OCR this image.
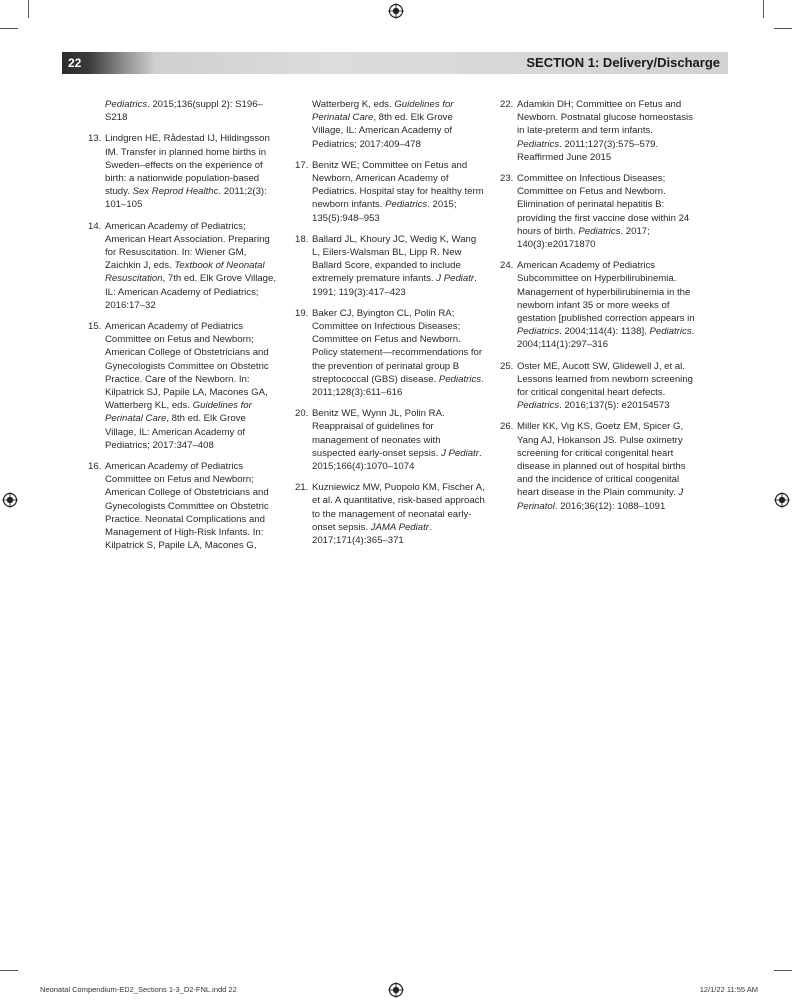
22	SECTION 1: Delivery/Discharge
Pediatrics. 2015;136(suppl 2): S196–S218
13. Lindgren HE, Rådestad IJ, Hildingsson IM. Transfer in planned home births in Sweden–effects on the experience of birth: a nationwide population-based study. Sex Reprod Healthc. 2011;2(3): 101–105
14. American Academy of Pediatrics; American Heart Association. Preparing for Resuscitation. In: Wiener GM, Zaichkin J, eds. Textbook of Neonatal Resuscitation, 7th ed. Elk Grove Village, IL: American Academy of Pediatrics; 2016:17–32
15. American Academy of Pediatrics Committee on Fetus and Newborn; American College of Obstetricians and Gynecologists Committee on Obstetric Practice. Care of the Newborn. In: Kilpatrick SJ, Papile LA, Macones GA, Watterberg KL, eds. Guidelines for Perinatal Care, 8th ed. Elk Grove Village, IL: American Academy of Pediatrics; 2017:347–408
16. American Academy of Pediatrics Committee on Fetus and Newborn; American College of Obstetricians and Gynecologists Committee on Obstetric Practice. Neonatal Complications and Management of High-Risk Infants. In: Kilpatrick S, Papile LA, Macones G,
Watterberg K, eds. Guidelines for Perinatal Care, 8th ed. Elk Grove Village, IL: American Academy of Pediatrics; 2017:409–478
17. Benitz WE; Committee on Fetus and Newborn, American Academy of Pediatrics. Hospital stay for healthy term newborn infants. Pediatrics. 2015; 135(5):948–953
18. Ballard JL, Khoury JC, Wedig K, Wang L, Eilers-Walsman BL, Lipp R. New Ballard Score, expanded to include extremely premature infants. J Pediatr. 1991; 119(3):417–423
19. Baker CJ, Byington CL, Polin RA; Committee on Infectious Diseases; Committee on Fetus and Newborn. Policy statement—recommendations for the prevention of perinatal group B streptococcal (GBS) disease. Pediatrics. 2011;128(3):611–616
20. Benitz WE, Wynn JL, Polin RA. Reappraisal of guidelines for management of neonates with suspected early-onset sepsis. J Pediatr. 2015;166(4):1070–1074
21. Kuzniewicz MW, Puopolo KM, Fischer A, et al. A quantitative, risk-based approach to the management of neonatal early-onset sepsis. JAMA Pediatr. 2017;171(4):365–371
22. Adamkin DH; Committee on Fetus and Newborn. Postnatal glucose homeostasis in late-preterm and term infants. Pediatrics. 2011;127(3):575–579. Reaffirmed June 2015
23. Committee on Infectious Diseases; Committee on Fetus and Newborn. Elimination of perinatal hepatitis B: providing the first vaccine dose within 24 hours of birth. Pediatrics. 2017; 140(3):e20171870
24. American Academy of Pediatrics Subcommittee on Hyperbilirubinemia. Management of hyperbilirubinemia in the newborn infant 35 or more weeks of gestation [published correction appears in Pediatrics. 2004;114(4): 1138]. Pediatrics. 2004;114(1):297–316
25. Oster ME, Aucott SW, Glidewell J, et al. Lessons learned from newborn screening for critical congenital heart defects. Pediatrics. 2016;137(5): e20154573
26. Miller KK, Vig KS, Goetz EM, Spicer G, Yang AJ, Hokanson JS. Pulse oximetry screening for critical congenital heart disease in planned out of hospital births and the incidence of critical congenital heart disease in the Plain community. J Perinatol. 2016;36(12): 1088–1091
Neonatal Compendium-ED2_Sections 1-3_D2-FNL.indd 22	12/1/22 11:55 AM
